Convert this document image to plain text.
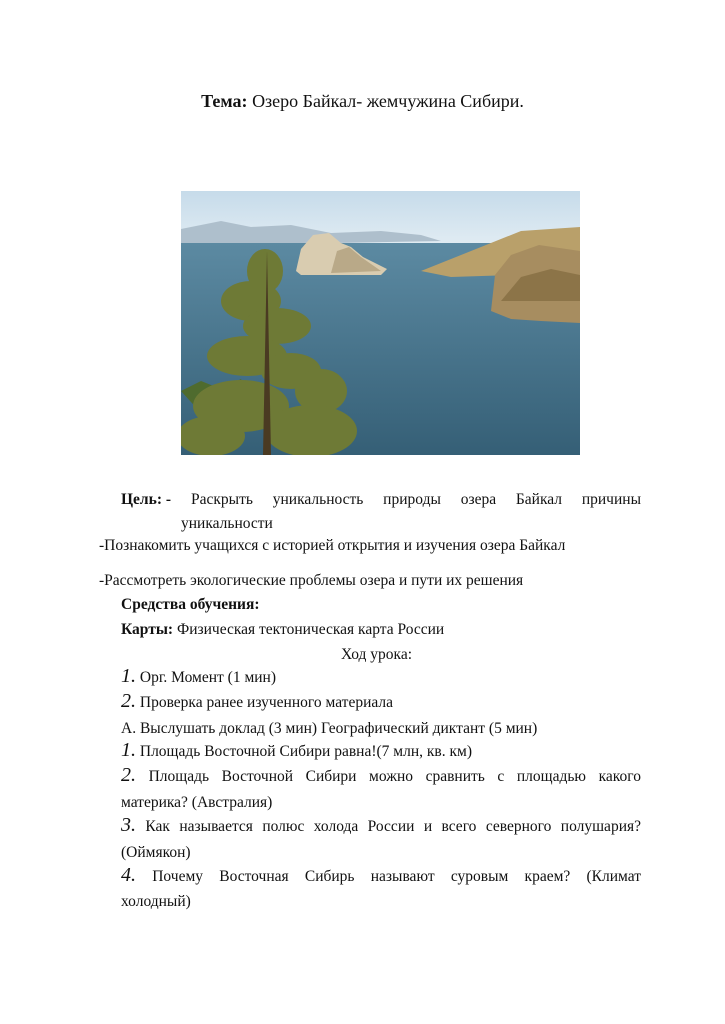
Тема: Озеро Байкал- жемчужина Сибири.
Цель: - Раскрыть уникальность природы озера Байкал причины
уникальности
-Познакомить учащихся с историей открытия и изучения озера Байкал
-Рассмотреть экологические проблемы озера и пути их решения
Средства обучения:
Карты: Физическая тектоническая карта России
Ход урока:
1. Орг. Момент (1 мин)
2. Проверка ранее изученного материала
А. Выслушать доклад (3 мин) Географический диктант (5 мин)
1. Площадь Восточной Сибири равна!(7 млн, кв. км)
2. Площадь Восточной Сибири можно сравнить с площадью какого
материка? (Австралия)
3. Как называется полюс холода России и всего северного полушария?
(Оймякон)
4. Почему Восточная Сибирь называют суровым краем? (Климат
холодный)
